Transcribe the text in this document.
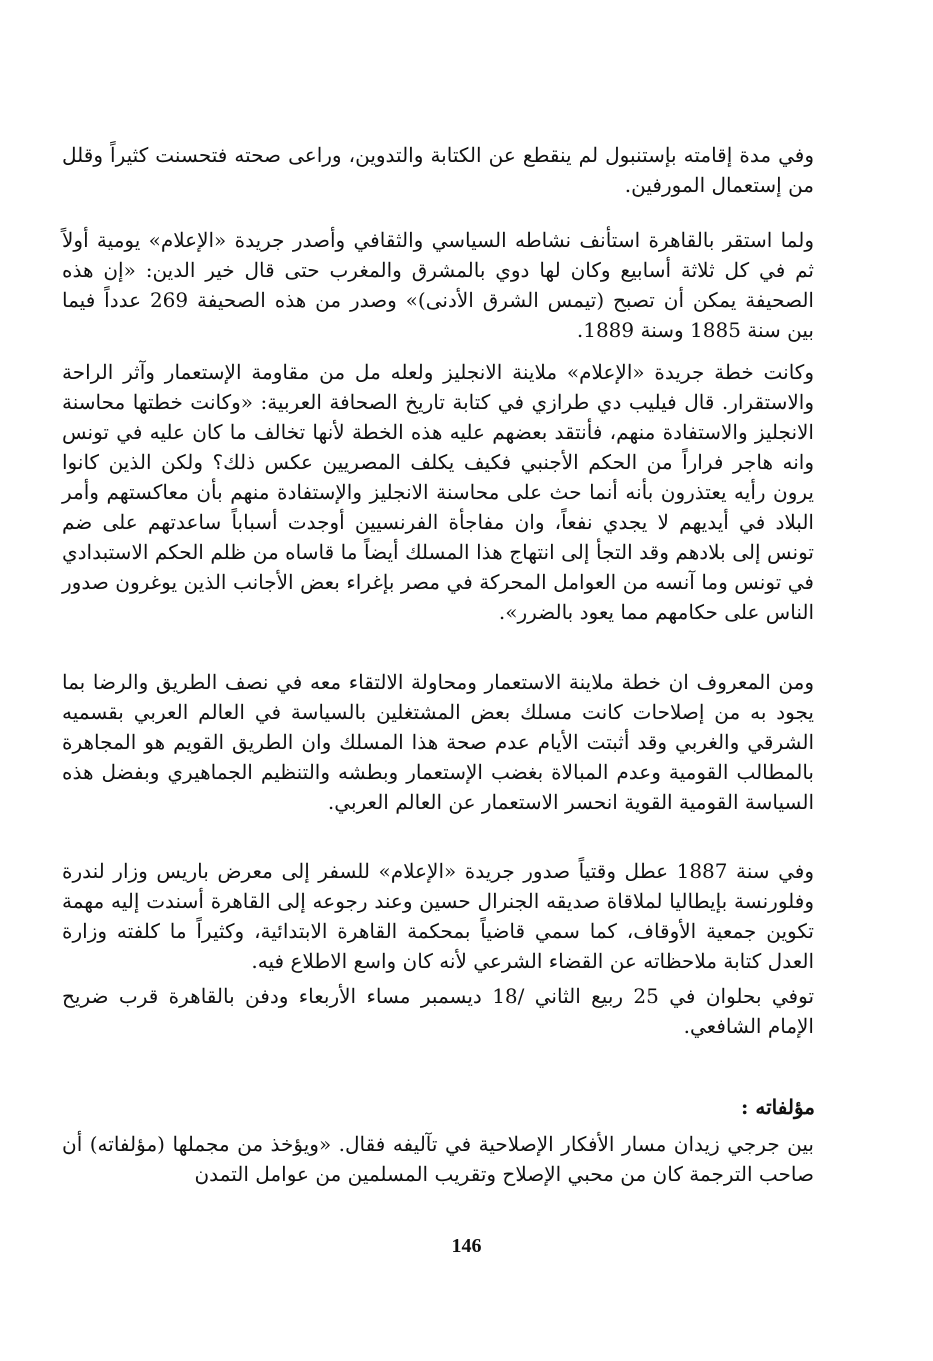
وفي مدة إقامته بإستنبول لم ينقطع عن الكتابة والتدوين، وراعى صحته فتحسنت كثيراً وقلل من إستعمال المورفين.

ولما استقر بالقاهرة استأنف نشاطه السياسي والثقافي وأصدر جريدة «الإعلام» يومية أولاً ثم في كل ثلاثة أسابيع وكان لها دوي بالمشرق والمغرب حتى قال خير الدين: «إن هذه الصحيفة يمكن أن تصبح (تيمس الشرق الأدنى)» وصدر من هذه الصحيفة 269 عدداً فيما بين سنة 1885 وسنة 1889.

وكانت خطة جريدة «الإعلام» ملاينة الانجليز ولعله مل من مقاومة الإستعمار وآثر الراحة والاستقرار. قال فيليب دي طرازي في كتابة تاريخ الصحافة العربية: «وكانت خطتها محاسنة الانجليز والاستفادة منهم، فأنتقد بعضهم عليه هذه الخطة لأنها تخالف ما كان عليه في تونس وانه هاجر فراراً من الحكم الأجنبي فكيف يكلف المصريين عكس ذلك؟ ولكن الذين كانوا يرون رأيه يعتذرون بأنه أنما حث على محاسنة الانجليز والإستفادة منهم بأن معاكستهم وأمر البلاد في أيديهم لا يجدي نفعاً، وان مفاجأة الفرنسيين أوجدت أسباباً ساعدتهم على ضم تونس إلى بلادهم وقد التجأ إلى انتهاج هذا المسلك أيضاً ما قاساه من ظلم الحكم الاستبدادي في تونس وما آنسه من العوامل المحركة في مصر بإغراء بعض الأجانب الذين يوغرون صدور الناس على حكامهم مما يعود بالضرر».

ومن المعروف ان خطة ملاينة الاستعمار ومحاولة الالتقاء معه في نصف الطريق والرضا بما يجود به من إصلاحات كانت مسلك بعض المشتغلين بالسياسة في العالم العربي بقسميه الشرقي والغربي وقد أثبتت الأيام عدم صحة هذا المسلك وان الطريق القويم هو المجاهرة بالمطالب القومية وعدم المبالاة بغضب الإستعمار وبطشه والتنظيم الجماهيري وبفضل هذه السياسة القومية القوية انحسر الاستعمار عن العالم العربي.

وفي سنة 1887 عطل وقتياً صدور جريدة «الإعلام» للسفر إلى معرض باريس وزار لندرة وفلورنسة بإيطاليا لملاقاة صديقه الجنرال حسين وعند رجوعه إلى القاهرة أسندت إليه مهمة تكوين جمعية الأوقاف، كما سمي قاضياً بمحكمة القاهرة الابتدائية، وكثيراً ما كلفته وزارة العدل كتابة ملاحظاته عن القضاء الشرعي لأنه كان واسع الاطلاع فيه.

توفي بحلوان في 25 ربيع الثاني /18 ديسمبر مساء الأربعاء ودفن بالقاهرة قرب ضريح الإمام الشافعي.

مؤلفاته :

بين جرجي زيدان مسار الأفكار الإصلاحية في تآليفه فقال. «ويؤخذ من مجملها (مؤلفاته) أن صاحب الترجمة كان من محبي الإصلاح وتقريب المسلمين من عوامل التمدن

146
